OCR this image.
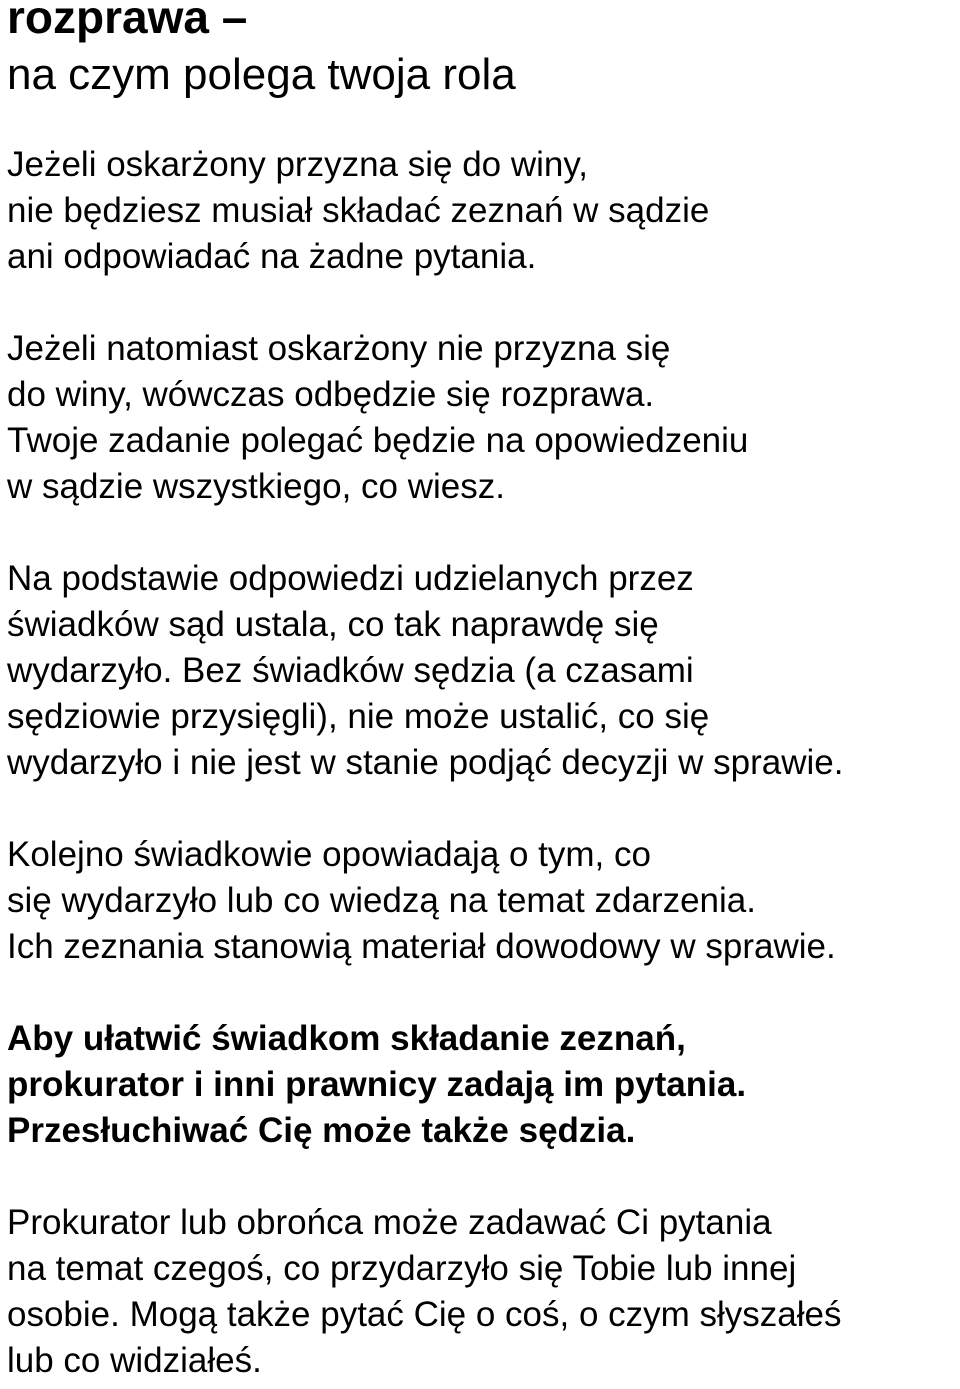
rozprawa –
na czym polega twoja rola

Jeżeli oskarżony przyzna się do winy,
nie będziesz musiał składać zeznań w sądzie
ani odpowiadać na żadne pytania.

Jeżeli natomiast oskarżony nie przyzna się
do winy, wówczas odbędzie się rozprawa.
Twoje zadanie polegać będzie na opowiedzeniu
w sądzie wszystkiego, co wiesz.

Na podstawie odpowiedzi udzielanych przez
świadków sąd ustala, co tak naprawdę się
wydarzyło. Bez świadków sędzia (a czasami
sędziowie przysięgli), nie może ustalić, co się
wydarzyło i nie jest w stanie podjąć decyzji w sprawie.

Kolejno świadkowie opowiadają o tym, co
się wydarzyło lub co wiedzą na temat zdarzenia.
Ich zeznania stanowią materiał dowodowy w sprawie.

Aby ułatwić świadkom składanie zeznań,
prokurator i inni prawnicy zadają im pytania.
Przesłuchiwać Cię może także sędzia.

Prokurator lub obrońca może zadawać Ci pytania
na temat czegoś, co przydarzyło się Tobie lub innej
osobie. Mogą także pytać Cię o coś, o czym słyszałeś
lub co widziałeś.
